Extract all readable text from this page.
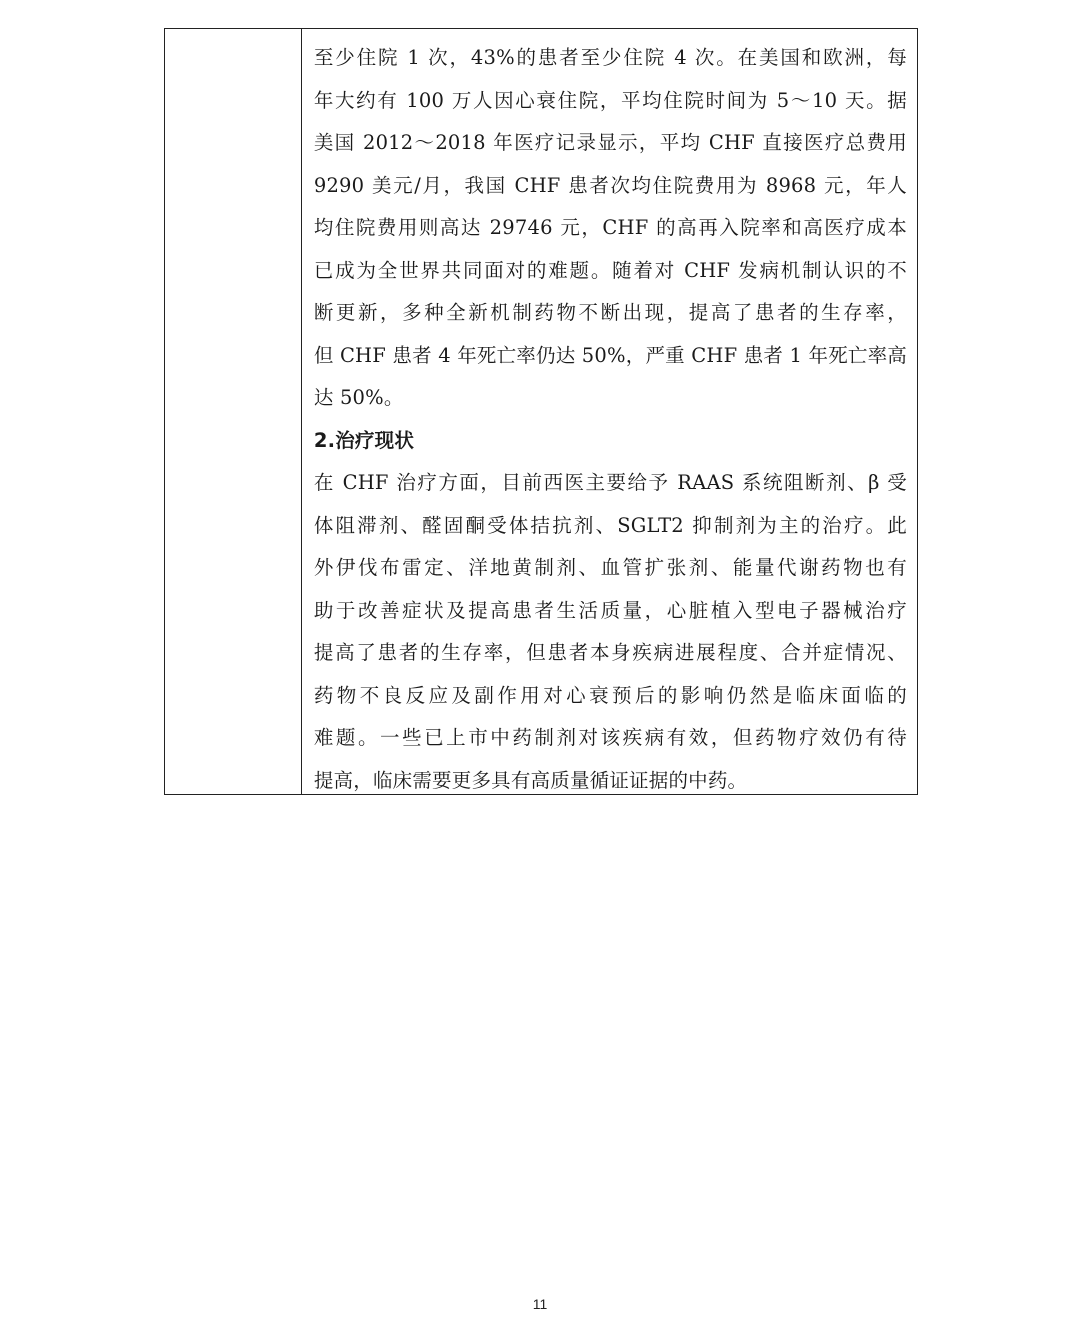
至少住院 1 次，43%的患者至少住院 4 次。在美国和欧洲，每
年大约有 100 万人因心衰住院，平均住院时间为 5～10 天。据
美国 2012～2018 年医疗记录显示，平均 CHF 直接医疗总费用
9290 美元/月，我国 CHF 患者次均住院费用为 8968 元，年人
均住院费用则高达 29746 元，CHF 的高再入院率和高医疗成本
已成为全世界共同面对的难题。随着对 CHF 发病机制认识的不
断更新，多种全新机制药物不断出现，提高了患者的生存率，
但 CHF 患者 4 年死亡率仍达 50%，严重 CHF 患者 1 年死亡率高
达 50%。
2.治疗现状
在 CHF 治疗方面，目前西医主要给予 RAAS 系统阻断剂、β 受
体阻滞剂、醛固酮受体拮抗剂、SGLT2 抑制剂为主的治疗。此
外伊伐布雷定、洋地黄制剂、血管扩张剂、能量代谢药物也有
助于改善症状及提高患者生活质量，心脏植入型电子器械治疗
提高了患者的生存率，但患者本身疾病进展程度、合并症情况、
药物不良反应及副作用对心衰预后的影响仍然是临床面临的
难题。一些已上市中药制剂对该疾病有效，但药物疗效仍有待
提高，临床需要更多具有高质量循证证据的中药。
11
